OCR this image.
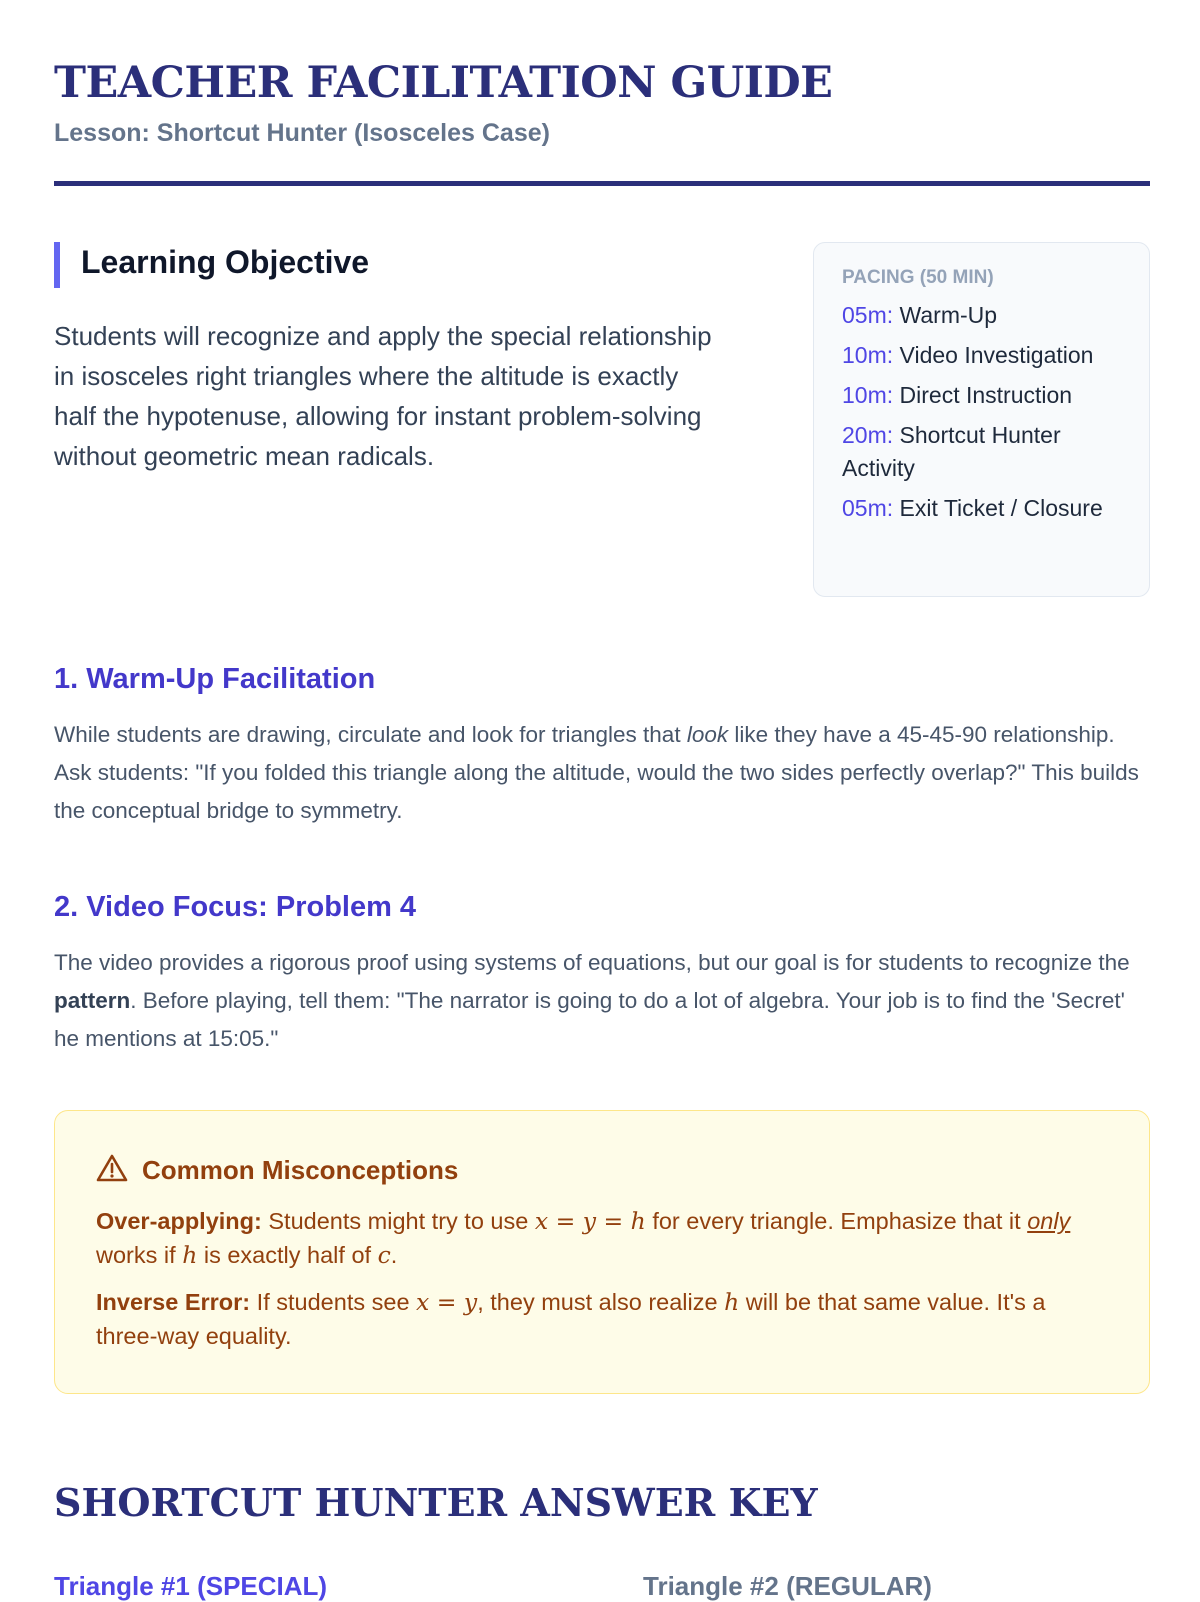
TEACHER FACILITATION GUIDE
Lesson: Shortcut Hunter (Isosceles Case)
Learning Objective

Students will recognize and apply the special relationship in isosceles right triangles where the altitude is exactly half the hypotenuse, allowing for instant problem-solving without geometric mean radicals.

PACING (50 MIN)
05m: Warm-Up
10m: Video Investigation
10m: Direct Instruction
20m: Shortcut Hunter Activity
05m: Exit Ticket / Closure
1. Warm-Up Facilitation

While students are drawing, circulate and look for triangles that look like they have a 45-45-90 relationship. Ask students: "If you folded this triangle along the altitude, would the two sides perfectly overlap?" This builds the conceptual bridge to symmetry.

2. Video Focus: Problem 4

The video provides a rigorous proof using systems of equations, but our goal is for students to recognize the pattern. Before playing, tell them: "The narrator is going to do a lot of algebra. Your job is to find the 'Secret' he mentions at 15:05."

Common Misconceptions

Over-applying: Students might try to use x = y = h for every triangle. Emphasize that it only works if h is exactly half of c.

Inverse Error: If students see x = y, they must also realize h will be that same value. It's a three-way equality.

SHORTCUT HUNTER ANSWER KEY
Triangle #1 (SPECIAL)	Triangle #2 (REGULAR)
